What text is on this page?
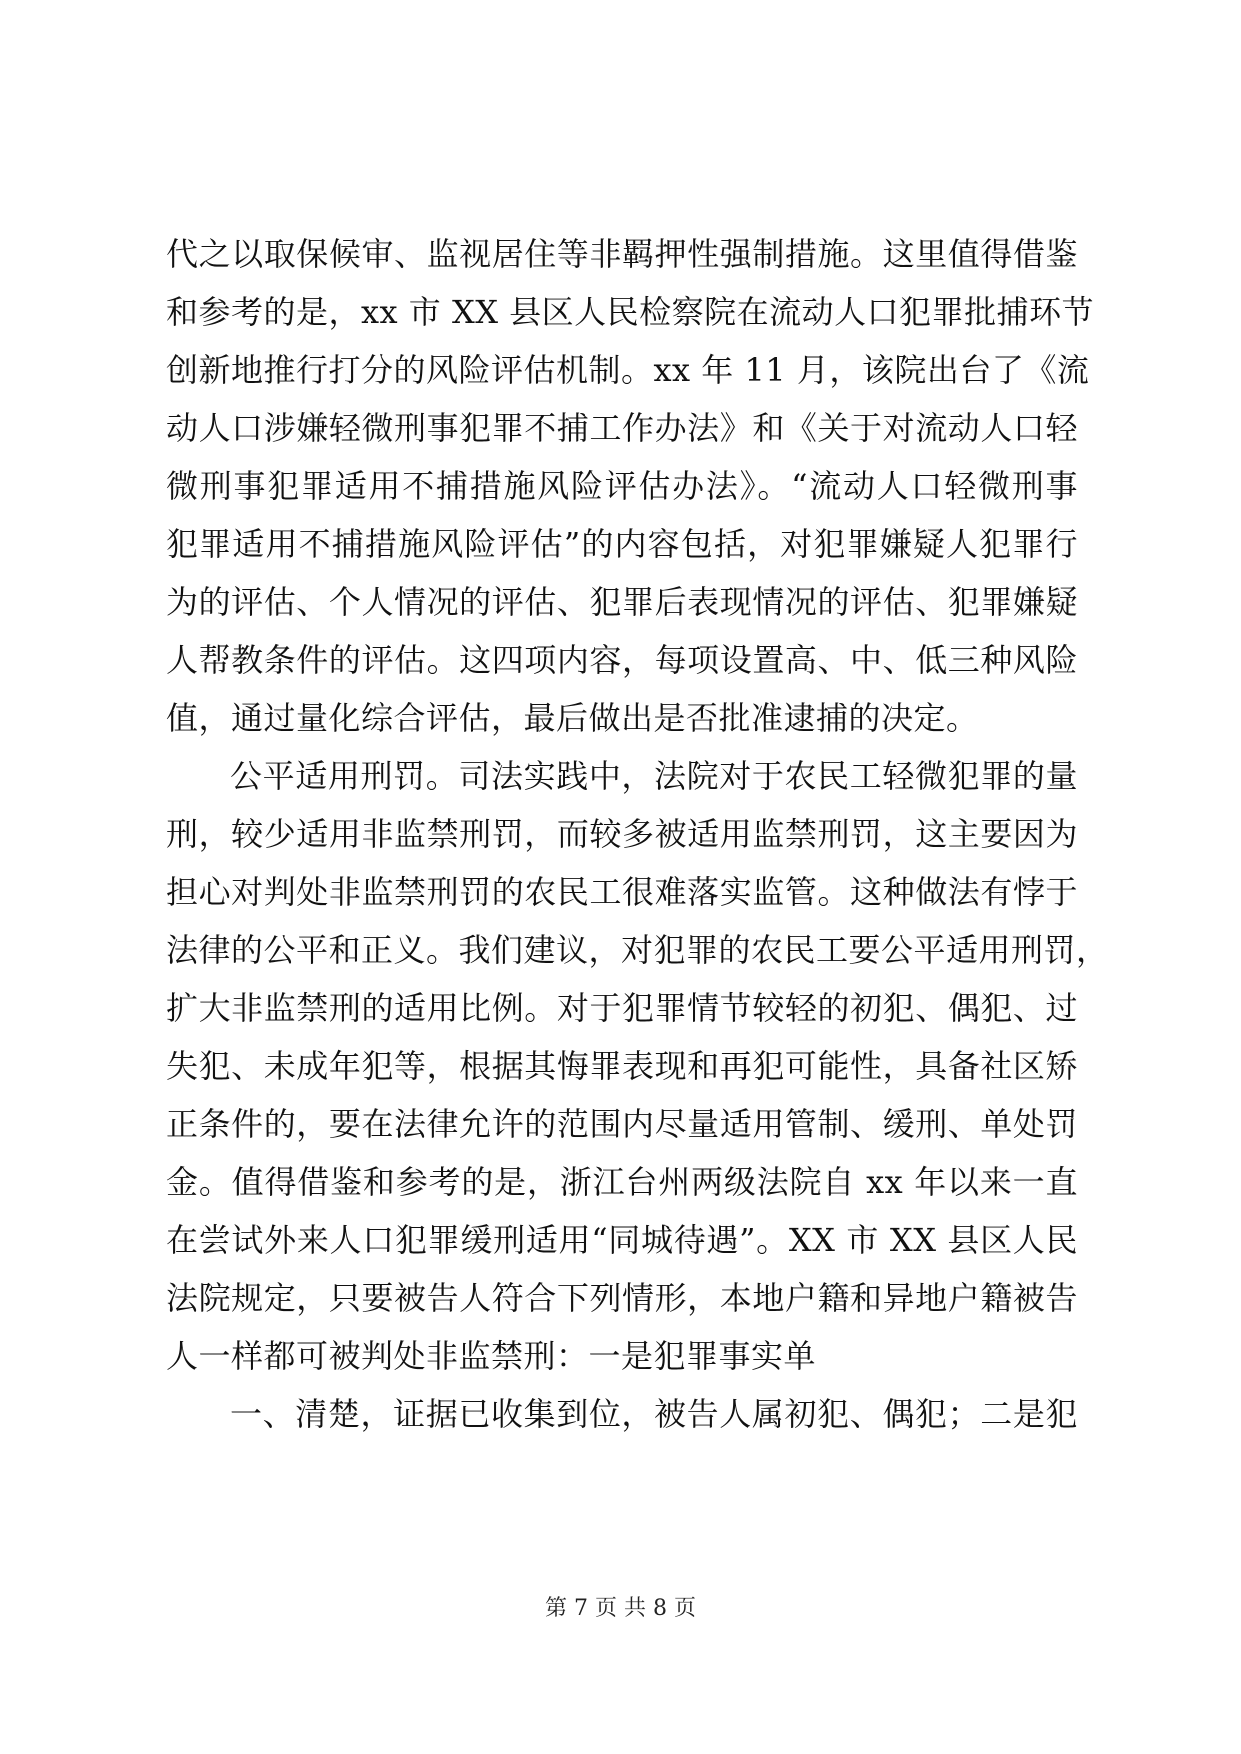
代之以取保候审、监视居住等非羁押性强制措施。这里值得借鉴
和参考的是，xx 市 XX 县区人民检察院在流动人口犯罪批捕环节
创新地推行打分的风险评估机制。xx 年 11 月，该院出台了《流
动人口涉嫌轻微刑事犯罪不捕工作办法》和《关于对流动人口轻
微刑事犯罪适用不捕措施风险评估办法》。“流动人口轻微刑事
犯罪适用不捕措施风险评估”的内容包括，对犯罪嫌疑人犯罪行
为的评估、个人情况的评估、犯罪后表现情况的评估、犯罪嫌疑
人帮教条件的评估。这四项内容，每项设置高、中、低三种风险
值，通过量化综合评估，最后做出是否批准逮捕的决定。
公平适用刑罚。司法实践中，法院对于农民工轻微犯罪的量
刑，较少适用非监禁刑罚，而较多被适用监禁刑罚，这主要因为
担心对判处非监禁刑罚的农民工很难落实监管。这种做法有悖于
法律的公平和正义。我们建议，对犯罪的农民工要公平适用刑罚，
扩大非监禁刑的适用比例。对于犯罪情节较轻的初犯、偶犯、过
失犯、未成年犯等，根据其悔罪表现和再犯可能性，具备社区矫
正条件的，要在法律允许的范围内尽量适用管制、缓刑、单处罚
金。值得借鉴和参考的是，浙江台州两级法院自 xx 年以来一直
在尝试外来人口犯罪缓刑适用“同城待遇”。XX 市 XX 县区人民
法院规定，只要被告人符合下列情形，本地户籍和异地户籍被告
人一样都可被判处非监禁刑：一是犯罪事实单
一、清楚，证据已收集到位，被告人属初犯、偶犯；二是犯
第 7 页 共 8 页
